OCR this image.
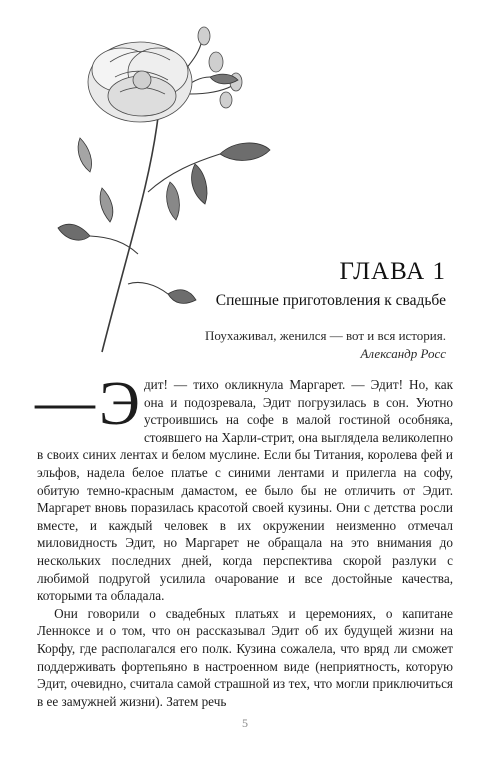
ГЛАВА 1

Спешные приготовления к свадьбе

Поухаживал, женился — вот и вся история.
Александр Росс

— Э дит! — тихо окликнула Маргарет. — Эдит! Но, как она и подозревала, Эдит погрузилась в сон. Уютно устроившись на софе в малой гостиной особняка, стоявшего на Харли-стрит, она выглядела великолепно в своих синих лентах и белом муслине. Если бы Титания, королева фей и эльфов, надела белое платье с синими лентами и прилегла на софу, обитую темно-красным дамастом, ее было бы не отличить от Эдит. Маргарет вновь поразилась красотой своей кузины. Они с детства росли вместе, и каждый человек в их окружении неизменно отмечал миловидность Эдит, но Маргарет не обращала на это внимания до нескольких последних дней, когда перспектива скорой разлуки с любимой подругой усилила очарование и все достойные качества, которыми та обладала.

Они говорили о свадебных платьях и церемониях, о капитане Леннoксе и о том, что он рассказывал Эдит об их будущей жизни на Корфу, где располагался его полк. Кузина сожалела, что вряд ли сможет поддерживать фортепьяно в настроенном виде (неприятность, которую Эдит, очевидно, считала самой страшной из тех, что могли приключиться в ее замужней жизни). Затем речь

5
